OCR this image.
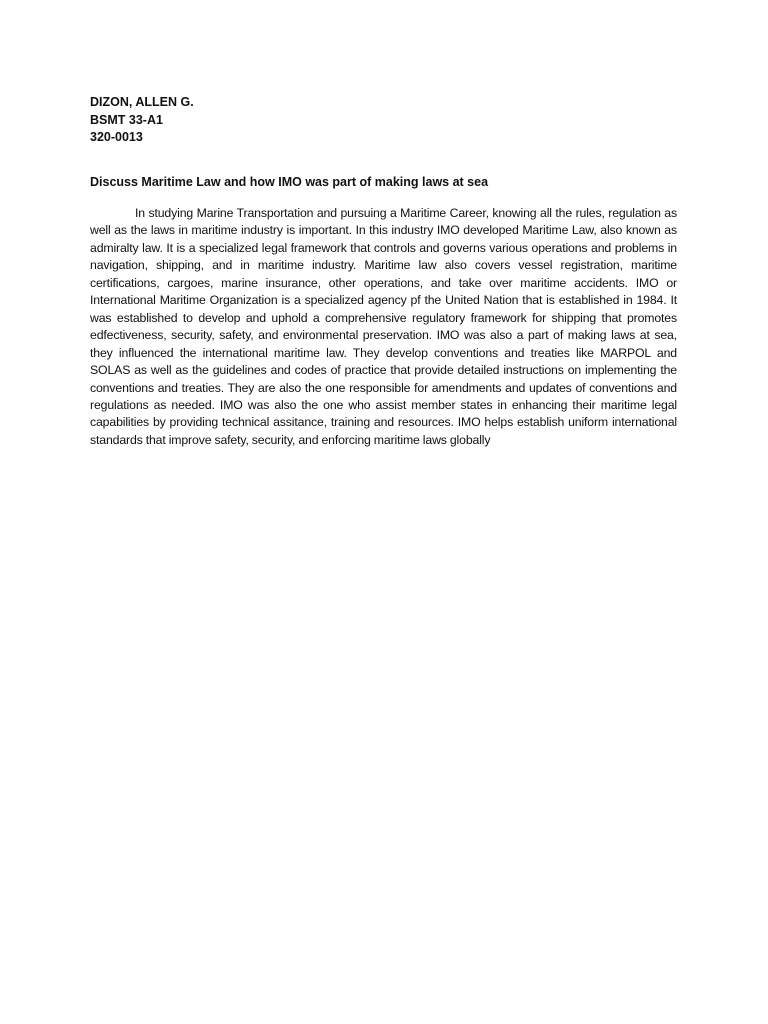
DIZON, ALLEN G.

BSMT 33-A1

320-0013

Discuss Maritime Law and how IMO was part of making laws at sea

In studying Marine Transportation and pursuing a Maritime Career, knowing all the rules, regulation as well as the laws in maritime industry is important. In this industry IMO developed Maritime Law, also known as admiralty law. It is a specialized legal framework that controls and governs various operations and problems in navigation, shipping, and in maritime industry. Maritime law also covers vessel registration, maritime certifications, cargoes, marine insurance, other operations, and take over maritime accidents. IMO or International Maritime Organization is a specialized agency pf the United Nation that is established in 1984. It was established to develop and uphold a comprehensive regulatory framework for shipping that promotes edfectiveness, security, safety, and environmental preservation. IMO was also a part of making laws at sea, they influenced the international maritime law. They develop conventions and treaties like MARPOL and SOLAS as well as the guidelines and codes of practice that provide detailed instructions on implementing the conventions and treaties. They are also the one responsible for amendments and updates of conventions and regulations as needed. IMO was also the one who assist member states in enhancing their maritime legal capabilities by providing technical assitance, training and resources. IMO helps establish uniform international standards that improve safety, security, and enforcing maritime laws globally
